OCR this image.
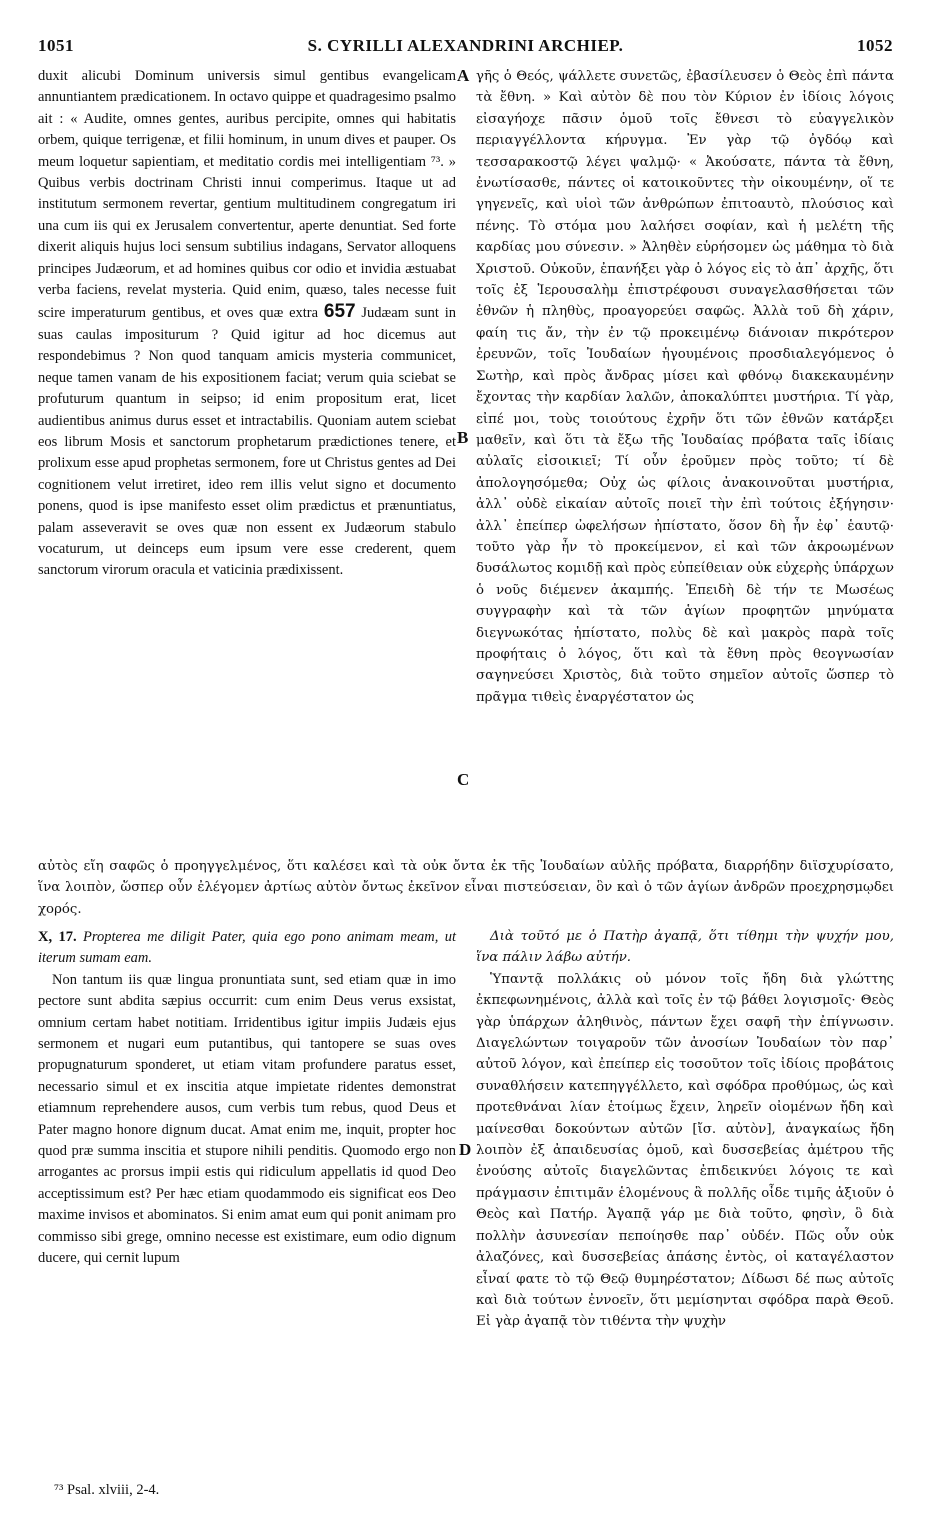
1051	S. CYRILLI ALEXANDRINI ARCHIEP.	1052

duxit alicubi Dominum universis simul gentibus evangelicam annuntiantem prædicationem. In octavo quippe et quadragesimo psalmo ait : « Audite, omnes gentes, auribus percipite, omnes qui habitatis orbem, quique terrigenæ, et filii hominum, in unum dives et pauper. Os meum loquetur sapientiam, et meditatio cordis mei intelligentiam ⁷³. » Quibus verbis doctrinam Christi innui comperimus. Itaque ut ad institutum sermonem revertar, gentium multitudinem congregatum iri una cum iis qui ex Jerusalem convertentur, aperte denuntiat. Sed forte dixerit aliquis hujus loci sensum subtilius indagans, Servator alloquens principes Judæorum, et ad homines quibus cor odio et invidia æstuabat verba faciens, revelat mysteria. Quid enim, quæso, tales necesse fuit scire imperaturum gentibus, et oves quæ extra 657 Judæam sunt in suas caulas impositurum ? Quid igitur ad hoc dicemus aut respondebimus ? Non quod tanquam amicis mysteria communicet, neque tamen vanam de his expositionem faciat; verum quia sciebat se profuturum quantum in seipso; id enim propositum erat, licet audientibus animus durus esset et intractabilis. Quoniam autem sciebat eos librum Mosis et sanctorum prophetarum prædictiones tenere, et prolixum esse apud prophetas sermonem, fore ut Christus gentes ad Dei cognitionem velut irretiret, ideo rem illis velut signo et documento ponens, quod is ipse manifesto esset olim prædictus et prænuntiatus, palam asseveravit se oves quæ non essent ex Judæorum stabulo vocaturum, ut deinceps eum ipsum vere esse crederent, quem sanctorum virorum oracula et vaticinia prædixissent.

γῆς ὁ Θεός, ψάλλετε συνετῶς, ἐβασίλευσεν ὁ Θεὸς ἐπὶ πάντα τὰ ἔθνη. » Καὶ αὐτὸν δὲ που τὸν Κύριον ἐν ἰδίοις λόγοις εἰσαγήοχε πᾶσιν ὁμοῦ τοῖς ἔθνεσι τὸ εὐαγγελικὸν περιαγγέλλοντα κήρυγμα. Ἐν γὰρ τῷ ὀγδόῳ καὶ τεσσαρακοστῷ λέγει ψαλμῷ· « Ἀκούσατε, πάντα τὰ ἔθνη, ἐνωτίσασθε, πάντες οἱ κατοικοῦντες τὴν οἰκουμένην, οἵ τε γηγενεῖς, καὶ υἱοὶ τῶν ἀνθρώπων ἐπιτοαυτὸ, πλούσιος καὶ πένης. Τὸ στόμα μου λαλήσει σοφίαν, καὶ ἡ μελέτη τῆς καρδίας μου σύνεσιν. » Ἀληθὲν εὑρήσομεν ὡς μάθημα τὸ διὰ Χριστοῦ. Οὐκοῦν, ἐπανήξει γὰρ ὁ λόγος εἰς τὸ ἀπ᾽ ἀρχῆς, ὅτι τοῖς ἐξ Ἱερουσαλὴμ ἐπιστρέφουσι συναγελασθήσεται τῶν ἐθνῶν ἡ πληθὺς, προαγορεύει σαφῶς. Ἀλλὰ τοῦ δὴ χάριν, φαίη τις ἄν, τὴν ἐν τῷ προκειμένῳ διάνοιαν πικρότερον ἐρευνῶν, τοῖς Ἰουδαίων ἡγουμένοις προσδιαλεγόμενος ὁ Σωτὴρ, καὶ πρὸς ἄνδρας μίσει καὶ φθόνῳ διακεκαυμένην ἔχοντας τὴν καρδίαν λαλῶν, ἀποκαλύπτει μυστήρια. Τί γὰρ, εἰπέ μοι, τοὺς τοιούτους ἐχρῆν ὅτι τῶν ἐθνῶν κατάρξει μαθεῖν, καὶ ὅτι τὰ ἔξω τῆς Ἰουδαίας πρόβατα ταῖς ἰδίαις αὐλαῖς εἰσοικιεῖ; Τί οὖν ἐροῦμεν πρὸς τοῦτο; τί δὲ ἀπολογησόμεθα; Οὐχ ὡς φίλοις ἀνακοινοῦται μυστήρια, ἀλλ᾽ οὐδὲ εἰκαίαν αὐτοῖς ποιεῖ τὴν ἐπὶ τούτοις ἐξήγησιν· ἀλλ᾽ ἐπείπερ ὠφελήσων ἠπίστατο, ὅσον δὴ ἦν ἐφ᾽ ἑαυτῷ· τοῦτο γὰρ ἦν τὸ προκείμενον, εἰ καὶ τῶν ἀκροωμένων δυσάλωτος κομιδῇ καὶ πρὸς εὐπείθειαν οὐκ εὐχερὴς ὑπάρχων ὁ νοῦς διέμενεν ἀκαμπής. Ἐπειδὴ δὲ τήν τε Μωσέως συγγραφὴν καὶ τὰ τῶν ἁγίων προφητῶν μηνύματα διεγνωκότας ἠπίστατο, πολὺς δὲ καὶ μακρὸς παρὰ τοῖς προφήταις ὁ λόγος, ὅτι καὶ τὰ ἔθνη πρὸς θεογνωσίαν σαγηνεύσει Χριστὸς, διὰ τοῦτο σημεῖον αὐτοῖς ὥσπερ τὸ πρᾶγμα τιθεὶς ἐναργέστατον ὡς

A
B
C
D
αὐτὸς εἴη σαφῶς ὁ προηγγελμένος, ὅτι καλέσει καὶ τὰ οὐκ ὄντα ἐκ τῆς Ἰουδαίων αὐλῆς πρόβατα, διαρρήδην διϊσχυρίσατο, ἵνα λοιπὸν, ὥσπερ οὖν ἐλέγομεν ἀρτίως αὐτὸν ὄντως ἐκεῖνον εἶναι πιστεύσειαν, ὃν καὶ ὁ τῶν ἁγίων ἀνδρῶν προεχρησμῳδει χορός.

X, 17. Propterea me diligit Pater, quia ego pono animam meam, ut iterum sumam eam.

Non tantum iis quæ lingua pronuntiata sunt, sed etiam quæ in imo pectore sunt abdita sæpius occurrit: cum enim Deus verus exsistat, omnium certam habet notitiam. Irridentibus igitur impiis Judæis ejus sermonem et nugari eum putantibus, qui tantopere se suas oves propugnaturum sponderet, ut etiam vitam profundere paratus esset, necessario simul et ex inscitia atque impietate ridentes demonstrat etiamnum reprehendere ausos, cum verbis tum rebus, quod Deus et Pater magno honore dignum ducat. Amat enim me, inquit, propter hoc quod præ summa inscitia et stupore nihili penditis. Quomodo ergo non arrogantes ac prorsus impii estis qui ridiculum appellatis id quod Deo acceptissimum est? Per hæc etiam quodammodo eis significat eos Deo maxime invisos et abominatos. Si enim amat eum qui ponit animam pro commisso sibi grege, omnino necesse est existimare, eum odio dignum ducere, qui cernit lupum

Διὰ τοῦτό με ὁ Πατὴρ ἀγαπᾷ, ὅτι τίθημι τὴν ψυχήν μου, ἵνα πάλιν λάβω αὐτήν.

Ὑπαντᾷ πολλάκις οὐ μόνον τοῖς ἤδη διὰ γλώττης ἐκπεφωνημένοις, ἀλλὰ καὶ τοῖς ἐν τῷ βάθει λογισμοῖς· Θεὸς γὰρ ὑπάρχων ἀληθινὸς, πάντων ἔχει σαφῆ τὴν ἐπίγνωσιν. Διαγελώντων τοιγαροῦν τῶν ἀνοσίων Ἰουδαίων τὸν παρ᾽ αὐτοῦ λόγον, καὶ ἐπείπερ εἰς τοσοῦτον τοῖς ἰδίοις προβάτοις συναθλήσειν κατεπηγγέλλετο, καὶ σφόδρα προθύμως, ὡς καὶ προτεθνάναι λίαν ἑτοίμως ἔχειν, ληρεῖν οἰομένων ἤδη καὶ μαίνεσθαι δοκούντων αὐτῶν [ἴσ. αὐτὸν], ἀναγκαίως ἤδη λοιπὸν ἐξ ἀπαιδευσίας ὁμοῦ, καὶ δυσσεβείας ἀμέτρου τῆς ἐνούσης αὐτοῖς διαγελῶντας ἐπιδεικνύει λόγοις τε καὶ πράγμασιν ἐπιτιμᾶν ἑλομένους ἃ πολλῆς οἶδε τιμῆς ἀξιοῦν ὁ Θεὸς καὶ Πατήρ. Ἀγαπᾷ γάρ με διὰ τοῦτο, φησὶν, ὃ διὰ πολλὴν ἀσυνεσίαν πεποίησθε παρ᾽ οὐδέν. Πῶς οὖν οὐκ ἀλαζόνες, καὶ δυσσεβείας ἁπάσης ἐντὸς, οἱ καταγέλαστον εἶναί φατε τὸ τῷ Θεῷ θυμηρέστατον; Δίδωσι δέ πως αὐτοῖς καὶ διὰ τούτων ἐννοεῖν, ὅτι μεμίσηνται σφόδρα παρὰ Θεοῦ. Εἰ γὰρ ἀγαπᾷ τὸν τιθέντα τὴν ψυχὴν

⁷³ Psal. xlviii, 2-4.
